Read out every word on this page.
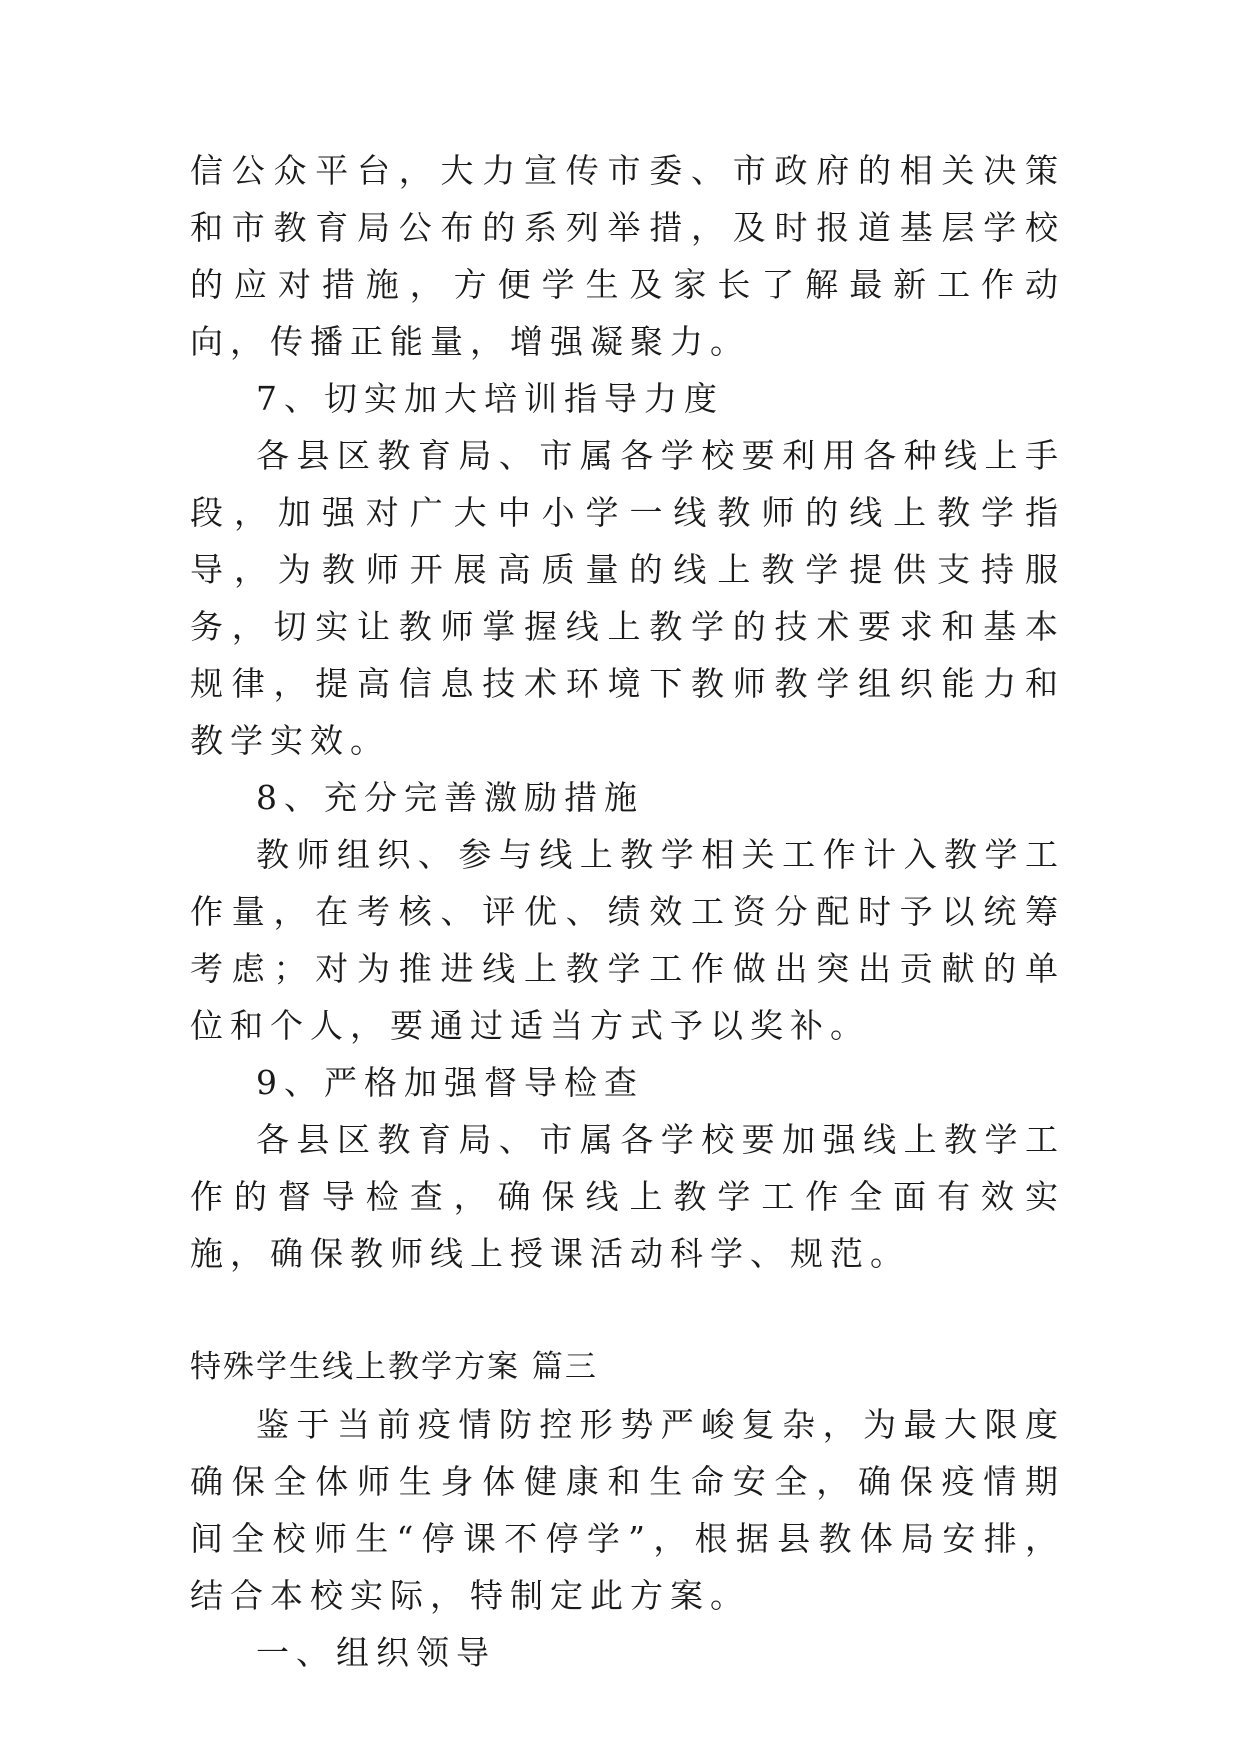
信公众平台，大力宣传市委、市政府的相关决策和市教育局公布的系列举措，及时报道基层学校的应对措施，方便学生及家长了解最新工作动向，传播正能量，增强凝聚力。

7、切实加大培训指导力度

各县区教育局、市属各学校要利用各种线上手段，加强对广大中小学一线教师的线上教学指导，为教师开展高质量的线上教学提供支持服务，切实让教师掌握线上教学的技术要求和基本规律，提高信息技术环境下教师教学组织能力和教学实效。

8、充分完善激励措施

教师组织、参与线上教学相关工作计入教学工作量，在考核、评优、绩效工资分配时予以统筹考虑；对为推进线上教学工作做出突出贡献的单位和个人，要通过适当方式予以奖补。

9、严格加强督导检查

各县区教育局、市属各学校要加强线上教学工作的督导检查，确保线上教学工作全面有效实施，确保教师线上授课活动科学、规范。

特殊学生线上教学方案 篇三

鉴于当前疫情防控形势严峻复杂，为最大限度确保全体师生身体健康和生命安全，确保疫情期间全校师生“停课不停学”，根据县教体局安排，结合本校实际，特制定此方案。

一、组织领导
